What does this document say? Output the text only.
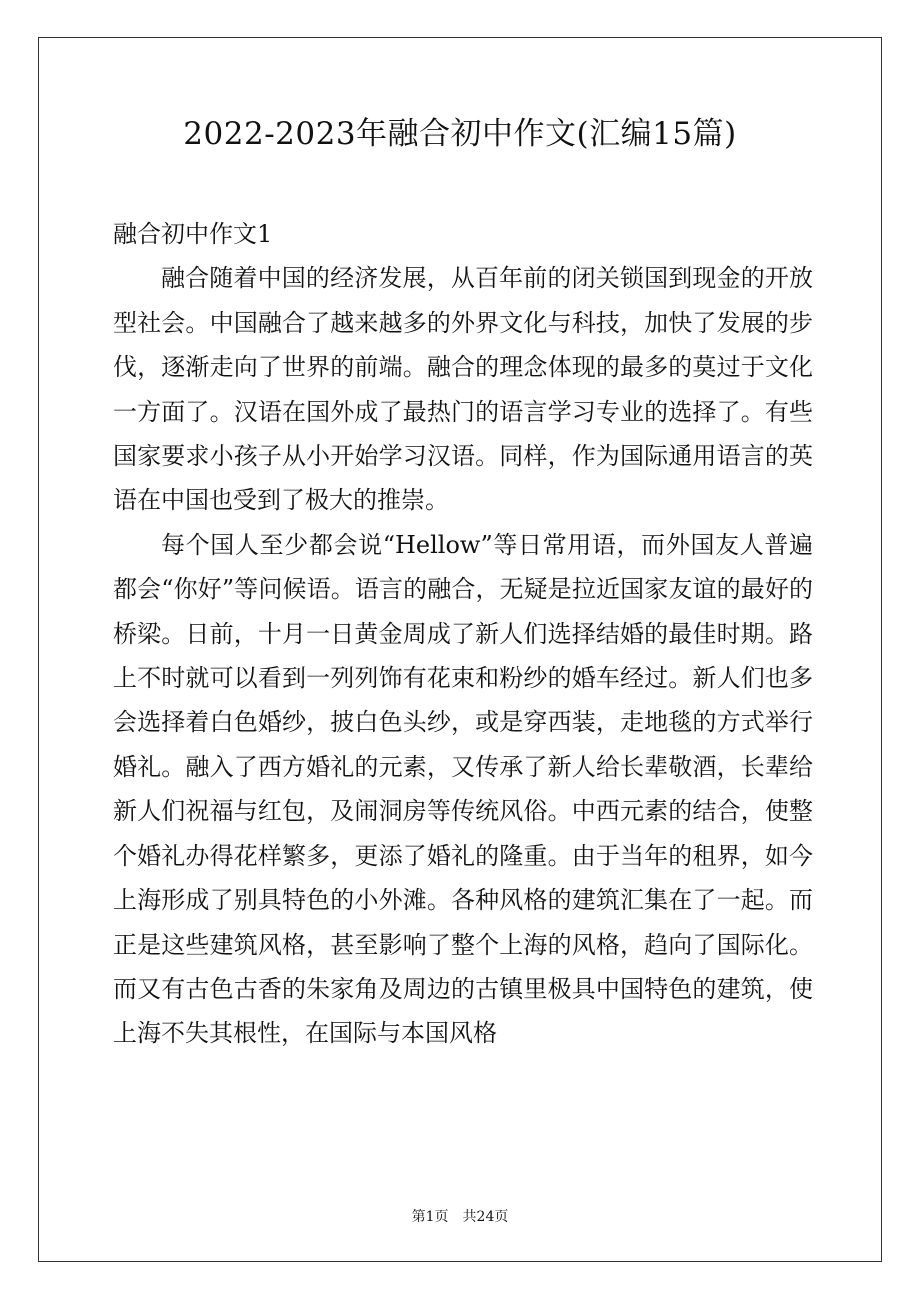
2022-2023年融合初中作文(汇编15篇)

融合初中作文1

融合随着中国的经济发展，从百年前的闭关锁国到现金的开放型社会。中国融合了越来越多的外界文化与科技，加快了发展的步伐，逐渐走向了世界的前端。融合的理念体现的最多的莫过于文化一方面了。汉语在国外成了最热门的语言学习专业的选择了。有些国家要求小孩子从小开始学习汉语。同样，作为国际通用语言的英语在中国也受到了极大的推崇。

每个国人至少都会说“Hellow”等日常用语，而外国友人普遍都会“你好”等问候语。语言的融合，无疑是拉近国家友谊的最好的桥梁。日前，十月一日黄金周成了新人们选择结婚的最佳时期。路上不时就可以看到一列列饰有花束和粉纱的婚车经过。新人们也多会选择着白色婚纱，披白色头纱，或是穿西装，走地毯的方式举行婚礼。融入了西方婚礼的元素，又传承了新人给长辈敬酒，长辈给新人们祝福与红包，及闹洞房等传统风俗。中西元素的结合，使整个婚礼办得花样繁多，更添了婚礼的隆重。由于当年的租界，如今上海形成了别具特色的小外滩。各种风格的建筑汇集在了一起。而正是这些建筑风格，甚至影响了整个上海的风格，趋向了国际化。而又有古色古香的朱家角及周边的古镇里极具中国特色的建筑，使上海不失其根性，在国际与本国风格

第1页 共24页
